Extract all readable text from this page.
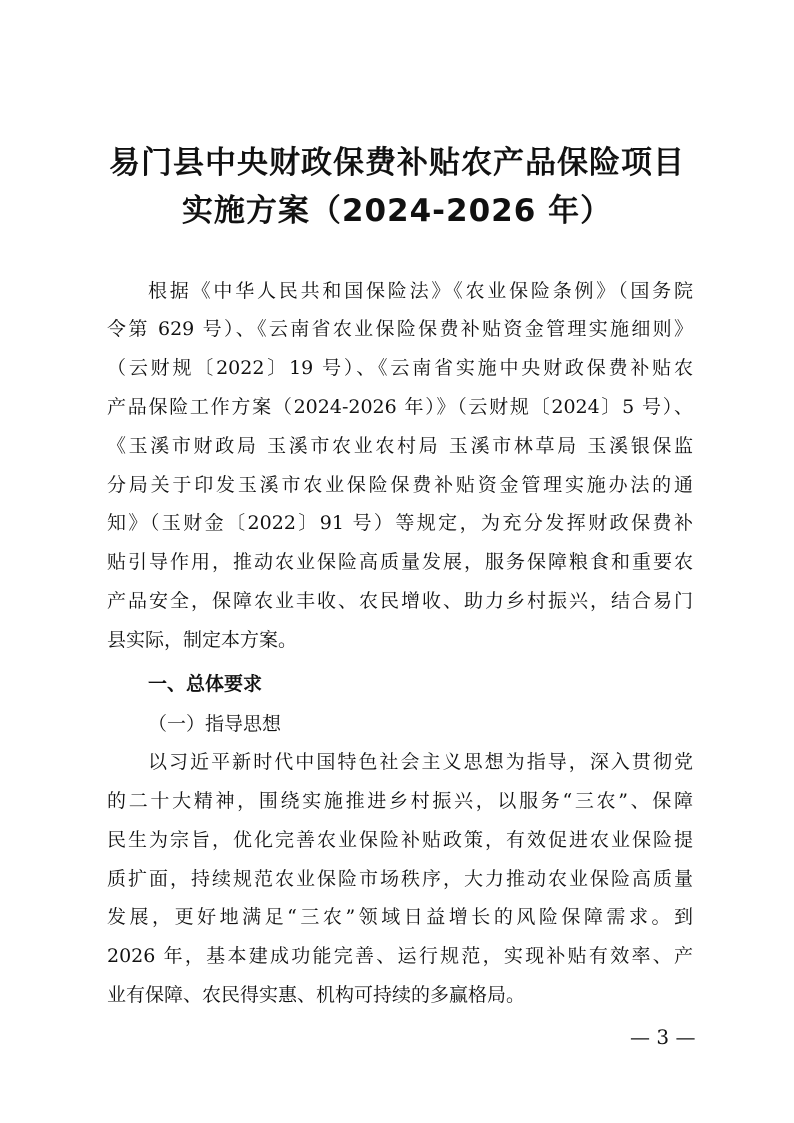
易门县中央财政保费补贴农产品保险项目
实施方案（2024-2026 年）
根据《中华人民共和国保险法》《农业保险条例》（国务院
令第 629 号）、《云南省农业保险保费补贴资金管理实施细则》
（云财规〔2022〕19 号）、《云南省实施中央财政保费补贴农
产品保险工作方案（2024-2026 年）》（云财规〔2024〕5 号）、
《玉溪市财政局 玉溪市农业农村局 玉溪市林草局 玉溪银保监
分局关于印发玉溪市农业保险保费补贴资金管理实施办法的通
知》（玉财金〔2022〕91 号）等规定，为充分发挥财政保费补
贴引导作用，推动农业保险高质量发展，服务保障粮食和重要农
产品安全，保障农业丰收、农民增收、助力乡村振兴，结合易门
县实际，制定本方案。
一、总体要求
（一）指导思想
以习近平新时代中国特色社会主义思想为指导，深入贯彻党
的二十大精神，围绕实施推进乡村振兴，以服务“三农”、保障
民生为宗旨，优化完善农业保险补贴政策，有效促进农业保险提
质扩面，持续规范农业保险市场秩序，大力推动农业保险高质量
发展，更好地满足“三农”领域日益增长的风险保障需求。到
2026 年，基本建成功能完善、运行规范，实现补贴有效率、产
业有保障、农民得实惠、机构可持续的多赢格局。
— 3 —
